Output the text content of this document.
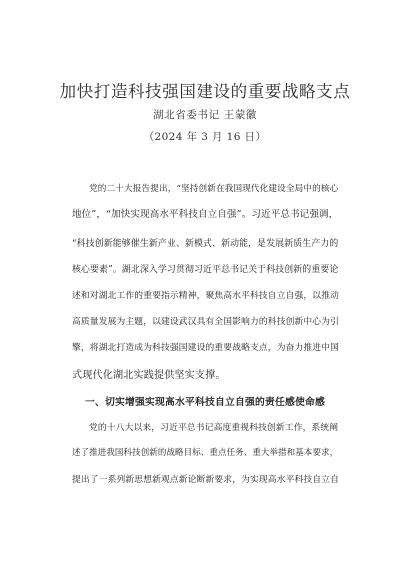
加快打造科技强国建设的重要战略支点
湖北省委书记 王蒙徽
（2024 年 3 月 16 日）
党的二十大报告提出，“坚持创新在我国现代化建设全局中的核心
地位”，“加快实现高水平科技自立自强”。习近平总书记强调，
“科技创新能够催生新产业、新模式、新动能，是发展新质生产力的
核心要素”。湖北深入学习贯彻习近平总书记关于科技创新的重要论
述和对湖北工作的重要指示精神，聚焦高水平科技自立自强，以推动
高质量发展为主题，以建设武汉具有全国影响力的科技创新中心为引
擎，将湖北打造成为科技强国建设的重要战略支点，为奋力推进中国
式现代化湖北实践提供坚实支撑。
一、切实增强实现高水平科技自立自强的责任感使命感
党的十八大以来，习近平总书记高度重视科技创新工作，系统阐
述了推进我国科技创新的战略目标、重点任务、重大举措和基本要求，
提出了一系列新思想新观点新论断新要求，为实现高水平科技自立自
